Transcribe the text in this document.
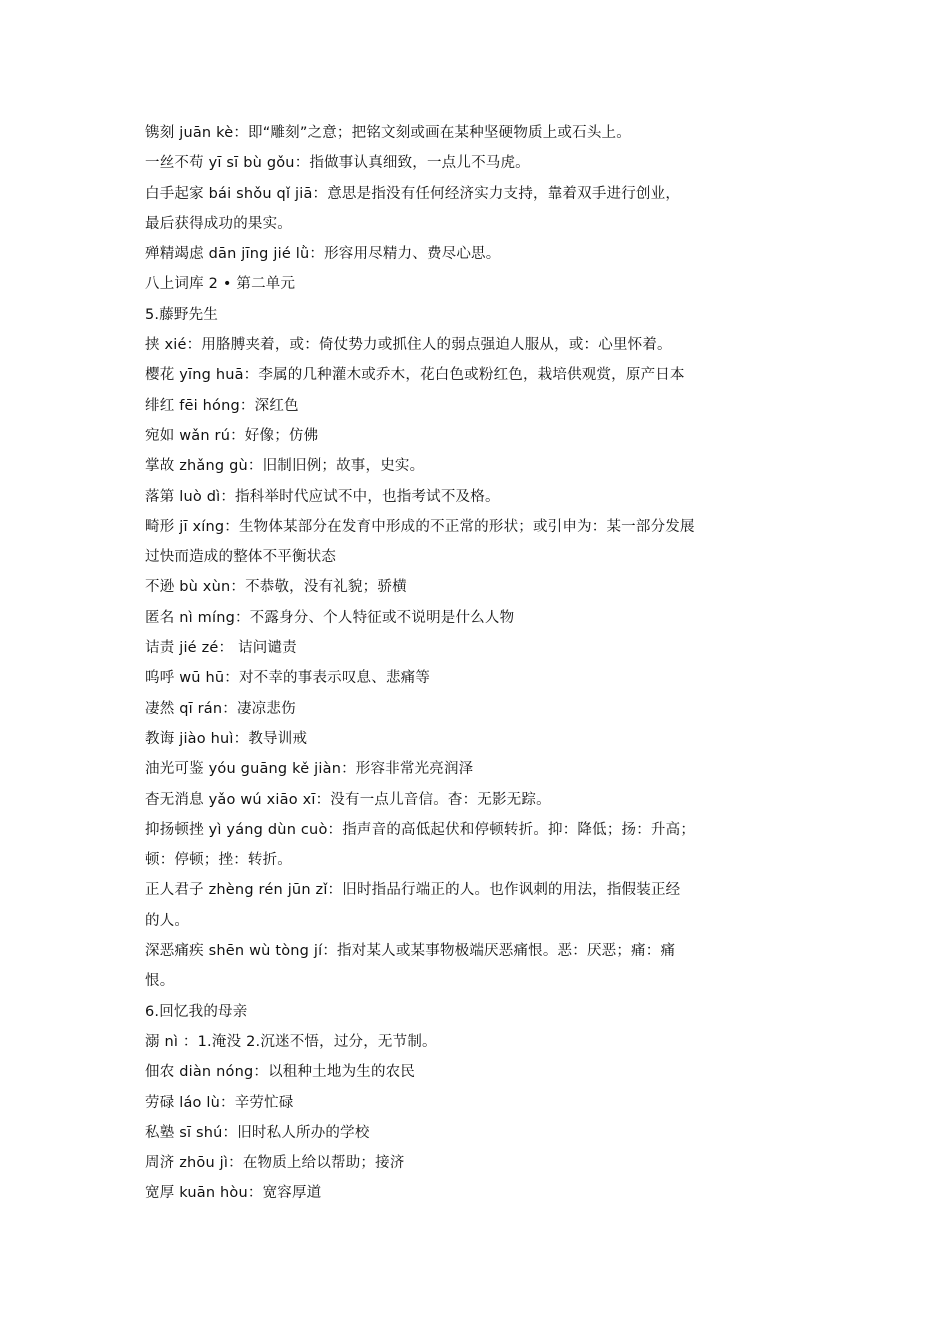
镌刻 juān kè：即“雕刻”之意；把铭文刻或画在某种坚硬物质上或石头上。
一丝不苟 yī sī bù gǒu：指做事认真细致，一点儿不马虎。
白手起家 bái shǒu qǐ jiā：意思是指没有任何经济实力支持，靠着双手进行创业，
最后获得成功的果实。
殚精竭虑 dān jīng jié lǜ：形容用尽精力、费尽心思。
八上词库 2 • 第二单元
5.藤野先生
挟 xié：用胳膊夹着，或：倚仗势力或抓住人的弱点强迫人服从，或：心里怀着。
樱花 yīng huā：李属的几种灌木或乔木，花白色或粉红色，栽培供观赏，原产日本
绯红 fēi hóng：深红色
宛如 wǎn rú：好像；仿佛
掌故 zhǎng gù：旧制旧例；故事，史实。
落第 luò dì：指科举时代应试不中，也指考试不及格。
畸形 jī xíng：生物体某部分在发育中形成的不正常的形状；或引申为：某一部分发展
过快而造成的整体不平衡状态
不逊 bù xùn：不恭敬，没有礼貌；骄横
匿名 nì míng：不露身分、个人特征或不说明是什么人物
诘责 jié zé： 诘问谴责
呜呼 wū hū：对不幸的事表示叹息、悲痛等
凄然 qī rán：凄凉悲伤
教诲 jiào huì：教导训戒
油光可鉴 yóu guāng kě jiàn：形容非常光亮润泽
杳无消息 yǎo wú xiāo xī：没有一点儿音信。杳：无影无踪。
抑扬顿挫 yì yáng dùn cuò：指声音的高低起伏和停顿转折。抑：降低；扬：升高；
顿：停顿；挫：转折。
正人君子 zhèng rén jūn zǐ：旧时指品行端正的人。也作讽刺的用法，指假装正经
的人。
深恶痛疾 shēn wù tòng jí：指对某人或某事物极端厌恶痛恨。恶：厌恶；痛：痛
恨。
6.回忆我的母亲
溺 nì ：1.淹没 2.沉迷不悟，过分，无节制。
佃农 diàn nóng：以租种土地为生的农民
劳碌 láo lù：辛劳忙碌
私塾 sī shú：旧时私人所办的学校
周济 zhōu jì：在物质上给以帮助；接济
宽厚 kuān hòu：宽容厚道
